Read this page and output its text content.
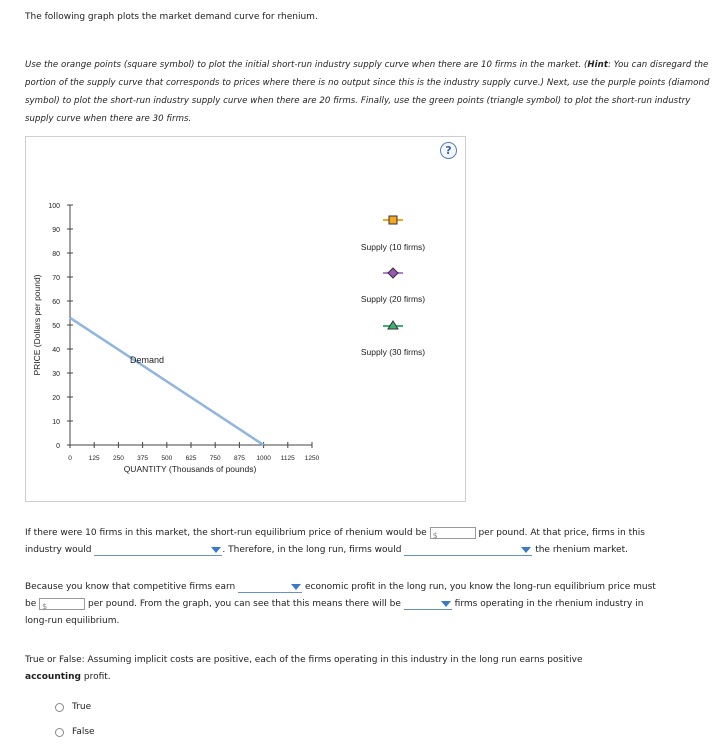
The following graph plots the market demand curve for rhenium.
Use the orange points (square symbol) to plot the initial short-run industry supply curve when there are 10 firms in the market. (Hint: You can disregard the portion of the supply curve that corresponds to prices where there is no output since this is the industry supply curve.) Next, use the purple points (diamond symbol) to plot the short-run industry supply curve when there are 20 firms. Finally, use the green points (triangle symbol) to plot the short-run industry supply curve when there are 30 firms.
?
0
10
20
30
40
50
60
70
80
90
100
0	125 250 375 500 625 750 875 1000 1125 1250
Demand
PRICE (Dollars per pound)
QUANTITY (Thousands of pounds)
Supply (10 firms)
Supply (20 firms)
Supply (30 firms)
If there were 10 firms in this market, the short-run equilibrium price of rhenium would be $	per pound. At that price, firms in this
industry would	. Therefore, in the long run, firms would	the rhenium market.
Because you know that competitive firms earn	economic profit in the long run, you know the long-run equilibrium price must
be $	per pound. From the graph, you can see that this means there will be	firms operating in the rhenium industry in
long-run equilibrium.
True or False: Assuming implicit costs are positive, each of the firms operating in this industry in the long run earns positive
accounting profit.
True
False
